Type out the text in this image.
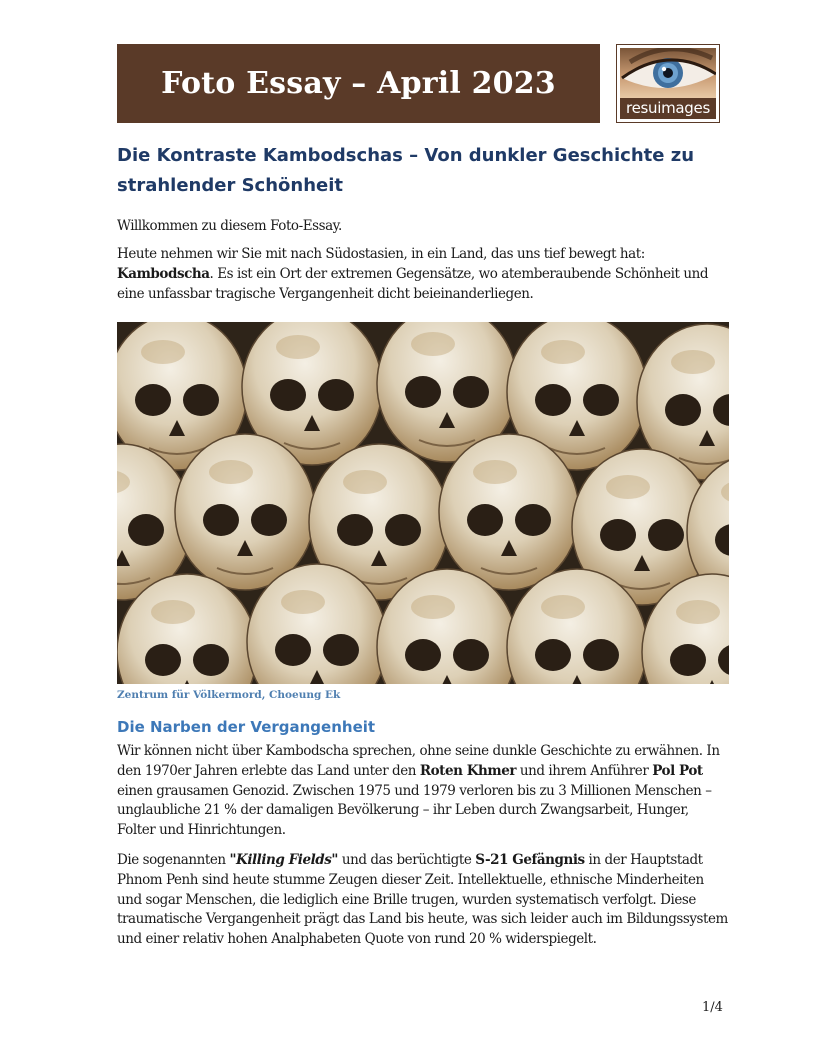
Foto Essay – April 2023
resuimages
Die Kontraste Kambodschas – Von dunkler Geschichte zu strahlender Schönheit

Willkommen zu diesem Foto-Essay.

Heute nehmen wir Sie mit nach Südostasien, in ein Land, das uns tief bewegt hat: Kambodscha. Es ist ein Ort der extremen Gegensätze, wo atemberaubende Schönheit und eine unfassbar tragische Vergangenheit dicht beieinanderliegen.

Zentrum für Völkermord, Choeung Ek
Die Narben der Vergangenheit

Wir können nicht über Kambodscha sprechen, ohne seine dunkle Geschichte zu erwähnen. In den 1970er Jahren erlebte das Land unter den Roten Khmer und ihrem Anführer Pol Pot einen grausamen Genozid. Zwischen 1975 und 1979 verloren bis zu 3 Millionen Menschen – unglaubliche 21 % der damaligen Bevölkerung – ihr Leben durch Zwangsarbeit, Hunger, Folter und Hinrichtungen.

Die sogenannten "Killing Fields" und das berüchtigte S-21 Gefängnis in der Hauptstadt Phnom Penh sind heute stumme Zeugen dieser Zeit. Intellektuelle, ethnische Minderheiten und sogar Menschen, die lediglich eine Brille trugen, wurden systematisch verfolgt. Diese traumatische Vergangenheit prägt das Land bis heute, was sich leider auch im Bildungssystem und einer relativ hohen Analphabeten Quote von rund 20 % widerspiegelt.

1/4
